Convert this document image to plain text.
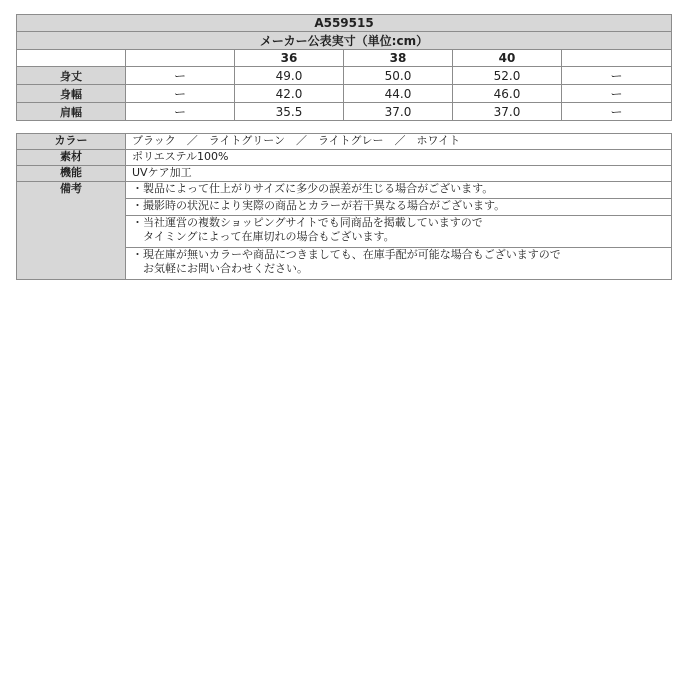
A559515					
メーカー公表実寸（単位:cm）					
		36	38	40	
身丈	ー	49.0	50.0	52.0	ー
身幅	ー	42.0	44.0	46.0	ー
肩幅	ー	35.5	37.0	37.0	ー
カラー	ブラック　／　ライトグリーン　／　ライトグレー　／　ホワイト
素材	ポリエステル100%
機能	UVケア加工
備考	・製品によって仕上がりサイズに多少の誤差が生じる場合がございます。

	・撮影時の状況により実際の商品とカラーが若干異なる場合がございます。

	・当社運営の複数ショッピングサイトでも同商品を掲載していますので
　タイミングによって在庫切れの場合もございます。

	・現在庫が無いカラーや商品につきましても、在庫手配が可能な場合もございますので
　お気軽にお問い合わせください。
